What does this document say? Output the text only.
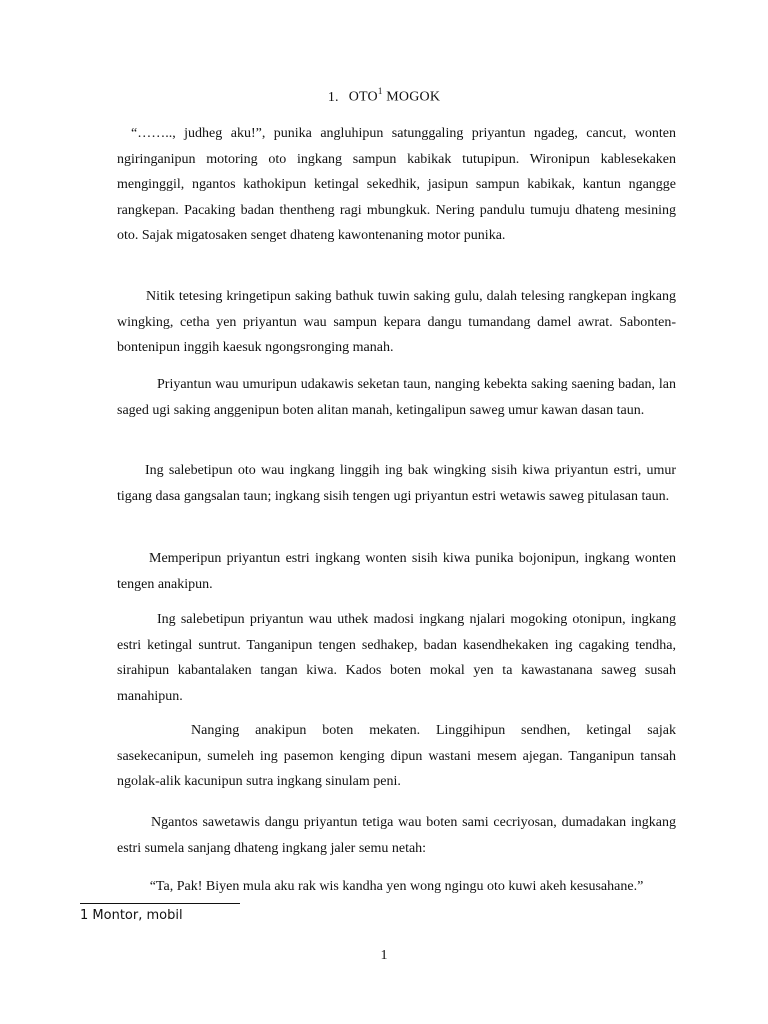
1. OTO$^1$ MOGOK

“…….., judheg aku!”, punika angluhipun satunggaling priyantun ngadeg, cancut, wonten ngiringanipun motoring oto ingkang sampun kabikak tutupipun. Wironipun kablesekaken menginggil, ngantos kathokipun ketingal sekedhik, jasipun sampun kabikak, kantun ngangge rangkepan. Pacaking badan thentheng ragi mbungkuk. Nering pandulu tumuju dhateng mesining oto. Sajak migatosaken senget dhateng kawontenaning motor punika.

Nitik tetesing kringetipun saking bathuk tuwin saking gulu, dalah telesing rangkepan ingkang wingking, cetha yen priyantun wau sampun kepara dangu tumandang damel awrat. Sabonten-bontenipun inggih kaesuk ngongsronging manah.

Priyantun wau umuripun udakawis seketan taun, nanging kebekta saking saening badan, lan saged ugi saking anggenipun boten alitan manah, ketingalipun saweg umur kawan dasan taun.

Ing salebetipun oto wau ingkang linggih ing bak wingking sisih kiwa priyantun estri, umur tigang dasa gangsalan taun; ingkang sisih tengen ugi priyantun estri wetawis saweg pitulasan taun.

Memperipun priyantun estri ingkang wonten sisih kiwa punika bojonipun, ingkang wonten tengen anakipun.

Ing salebetipun priyantun wau uthek madosi ingkang njalari mogoking otonipun, ingkang estri ketingal suntrut. Tanganipun tengen sedhakep, badan kasendhekaken ing cagaking tendha, sirahipun kabantalaken tangan kiwa. Kados boten mokal yen ta kawastanana saweg susah manahipun.

Nanging anakipun boten mekaten. Linggihipun sendhen, ketingal sajak sasekecanipun, sumeleh ing pasemon kenging dipun wastani mesem ajegan. Tanganipun tansah ngolak-alik kacunipun sutra ingkang sinulam peni.

Ngantos sawetawis dangu priyantun tetiga wau boten sami cecriyosan, dumadakan ingkang estri sumela sanjang dhateng ingkang jaler semu netah:

“Ta, Pak! Biyen mula aku rak wis kandha yen wong ngingu oto kuwi akeh kesusahane.”

1 Montor, mobil
1
